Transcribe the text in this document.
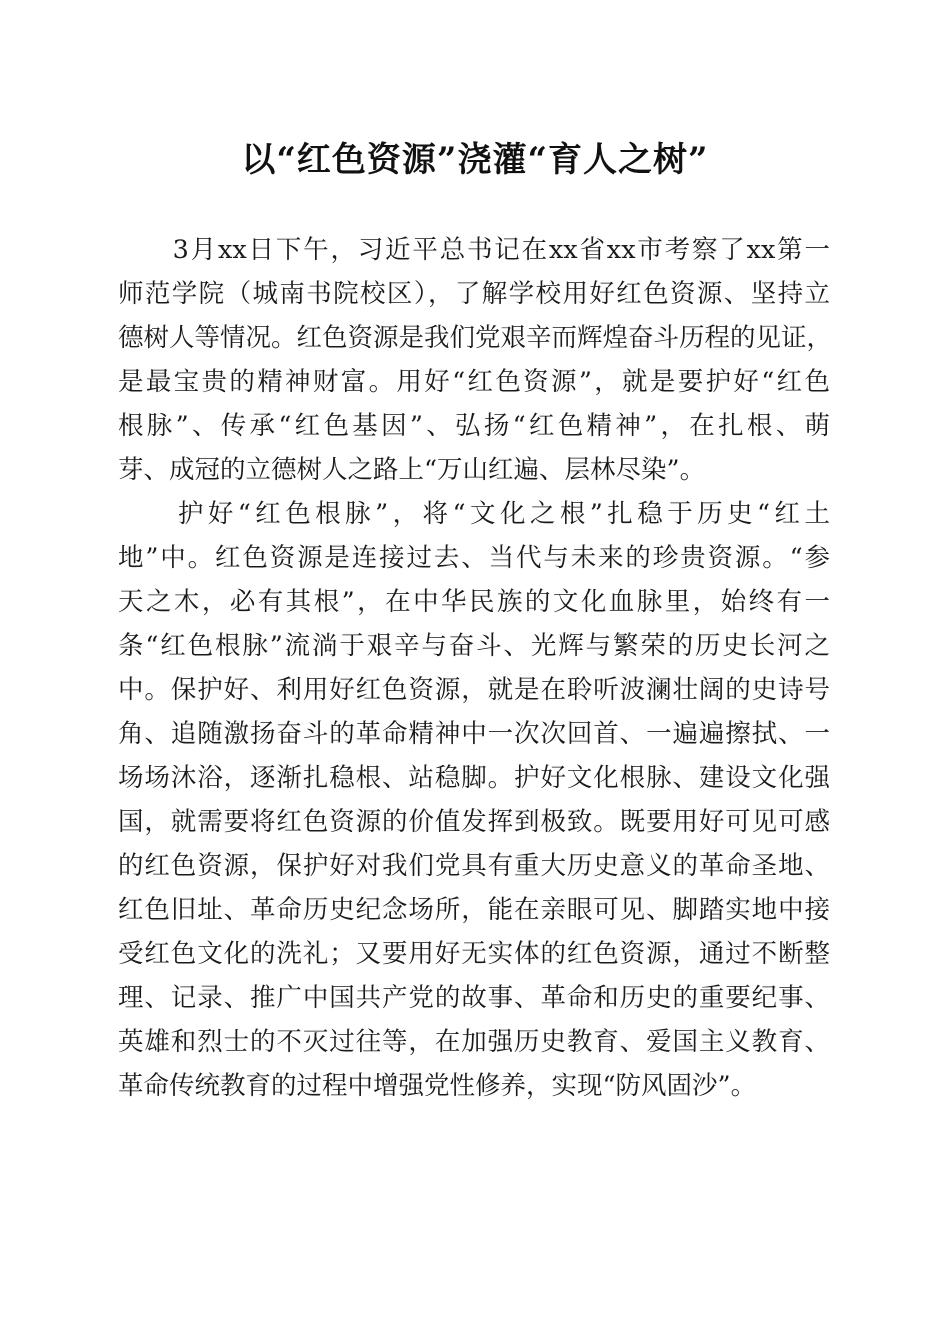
以“红色资源”浇灌“育人之树”
　　3月xx日下午，习近平总书记在xx省xx市考察了xx第一
师范学院（城南书院校区），了解学校用好红色资源、坚持立
德树人等情况。红色资源是我们党艰辛而辉煌奋斗历程的见证，
是最宝贵的精神财富。用好“红色资源”，就是要护好“红色
根脉”、传承“红色基因”、弘扬“红色精神”，在扎根、萌
芽、成冠的立德树人之路上“万山红遍、层林尽染”。
　　护好“红色根脉”，将“文化之根”扎稳于历史“红土
地”中。红色资源是连接过去、当代与未来的珍贵资源。“参
天之木，必有其根”，在中华民族的文化血脉里，始终有一
条“红色根脉”流淌于艰辛与奋斗、光辉与繁荣的历史长河之
中。保护好、利用好红色资源，就是在聆听波澜壮阔的史诗号
角、追随激扬奋斗的革命精神中一次次回首、一遍遍擦拭、一
场场沐浴，逐渐扎稳根、站稳脚。护好文化根脉、建设文化强
国，就需要将红色资源的价值发挥到极致。既要用好可见可感
的红色资源，保护好对我们党具有重大历史意义的革命圣地、
红色旧址、革命历史纪念场所，能在亲眼可见、脚踏实地中接
受红色文化的洗礼；又要用好无实体的红色资源，通过不断整
理、记录、推广中国共产党的故事、革命和历史的重要纪事、
英雄和烈士的不灭过往等，在加强历史教育、爱国主义教育、
革命传统教育的过程中增强党性修养，实现“防风固沙”。
